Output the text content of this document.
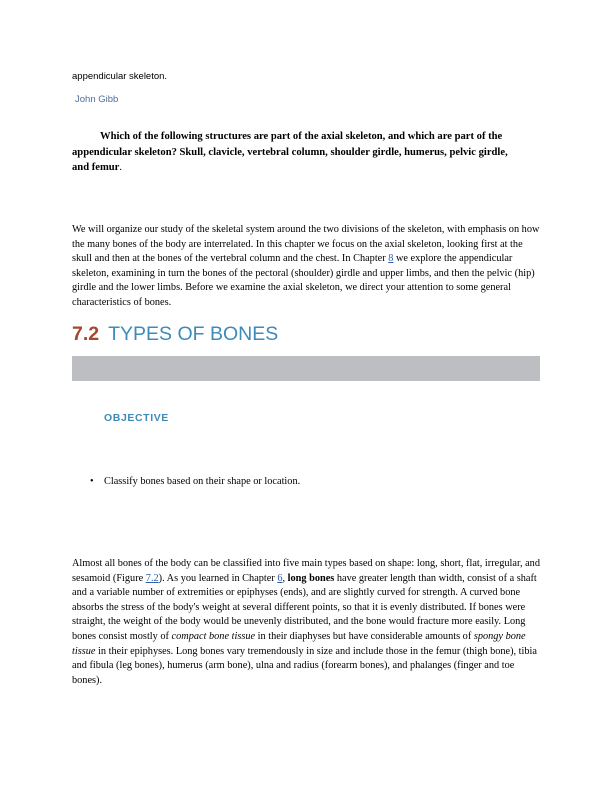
appendicular skeleton.
John Gibb
Which of the following structures are part of the axial skeleton, and which are part of the appendicular skeleton? Skull, clavicle, vertebral column, shoulder girdle, humerus, pelvic girdle, and femur.
We will organize our study of the skeletal system around the two divisions of the skeleton, with emphasis on how the many bones of the body are interrelated. In this chapter we focus on the axial skeleton, looking first at the skull and then at the bones of the vertebral column and the chest. In Chapter 8 we explore the appendicular skeleton, examining in turn the bones of the pectoral (shoulder) girdle and upper limbs, and then the pelvic (hip) girdle and the lower limbs. Before we examine the axial skeleton, we direct your attention to some general characteristics of bones.
7.2 TYPES OF BONES
OBJECTIVE
• Classify bones based on their shape or location.
Almost all bones of the body can be classified into five main types based on shape: long, short, flat, irregular, and sesamoid (Figure 7.2). As you learned in Chapter 6, long bones have greater length than width, consist of a shaft and a variable number of extremities or epiphyses (ends), and are slightly curved for strength. A curved bone absorbs the stress of the body's weight at several different points, so that it is evenly distributed. If bones were straight, the weight of the body would be unevenly distributed, and the bone would fracture more easily. Long bones consist mostly of compact bone tissue in their diaphyses but have considerable amounts of spongy bone tissue in their epiphyses. Long bones vary tremendously in size and include those in the femur (thigh bone), tibia and fibula (leg bones), humerus (arm bone), ulna and radius (forearm bones), and phalanges (finger and toe bones).
